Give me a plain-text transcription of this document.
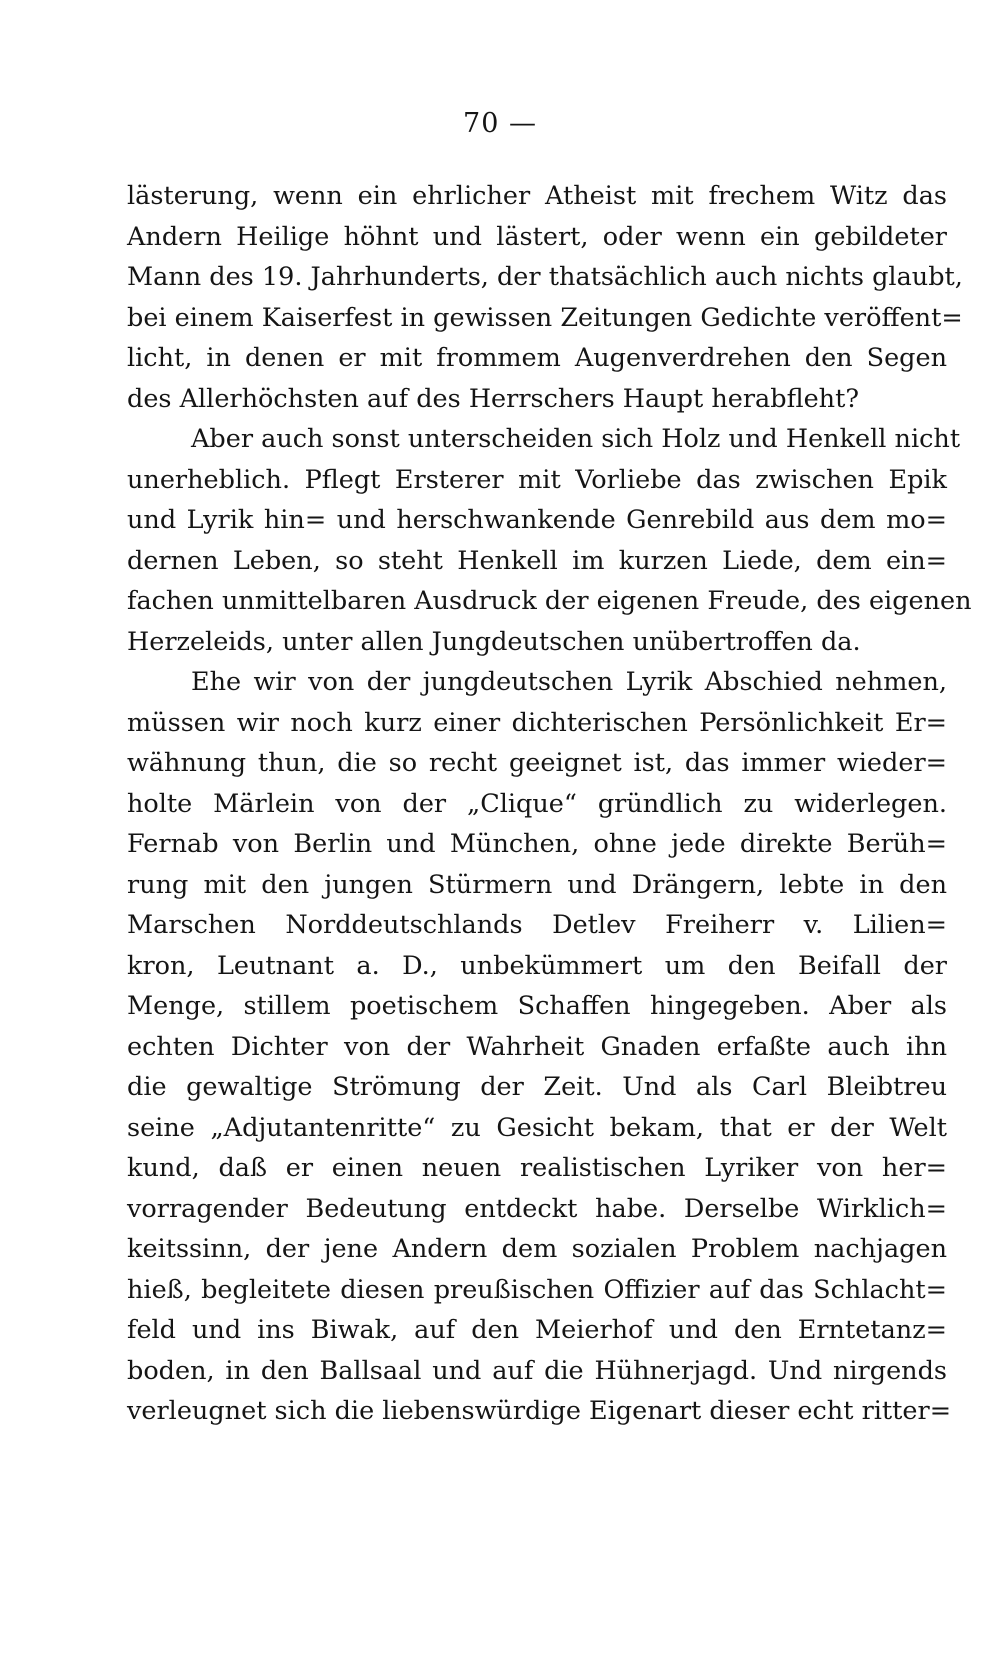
70 —
lästerung, wenn ein ehrlicher Atheist mit frechem Witz das
Andern Heilige höhnt und lästert, oder wenn ein gebildeter
Mann des 19. Jahrhunderts, der thatsächlich auch nichts glaubt,
bei einem Kaiserfest in gewissen Zeitungen Gedichte veröffent=
licht, in denen er mit frommem Augenverdrehen den Segen
des Allerhöchsten auf des Herrschers Haupt herabfleht?
Aber auch sonst unterscheiden sich Holz und Henkell nicht
unerheblich. Pflegt Ersterer mit Vorliebe das zwischen Epik
und Lyrik hin= und herschwankende Genrebild aus dem mo=
dernen Leben, so steht Henkell im kurzen Liede, dem ein=
fachen unmittelbaren Ausdruck der eigenen Freude, des eigenen
Herzeleids, unter allen Jungdeutschen unübertroffen da.
Ehe wir von der jungdeutschen Lyrik Abschied nehmen,
müssen wir noch kurz einer dichterischen Persönlichkeit Er=
wähnung thun, die so recht geeignet ist, das immer wieder=
holte Märlein von der „Clique“ gründlich zu widerlegen.
Fernab von Berlin und München, ohne jede direkte Berüh=
rung mit den jungen Stürmern und Drängern, lebte in den
Marschen Norddeutschlands Detlev Freiherr v. Lilien=
kron, Leutnant a. D., unbekümmert um den Beifall der
Menge, stillem poetischem Schaffen hingegeben. Aber als
echten Dichter von der Wahrheit Gnaden erfaßte auch ihn
die gewaltige Strömung der Zeit. Und als Carl Bleibtreu
seine „Adjutantenritte“ zu Gesicht bekam, that er der Welt
kund, daß er einen neuen realistischen Lyriker von her=
vorragender Bedeutung entdeckt habe. Derselbe Wirklich=
keitssinn, der jene Andern dem sozialen Problem nachjagen
hieß, begleitete diesen preußischen Offizier auf das Schlacht=
feld und ins Biwak, auf den Meierhof und den Erntetanz=
boden, in den Ballsaal und auf die Hühnerjagd. Und nirgends
verleugnet sich die liebenswürdige Eigenart dieser echt ritter=
